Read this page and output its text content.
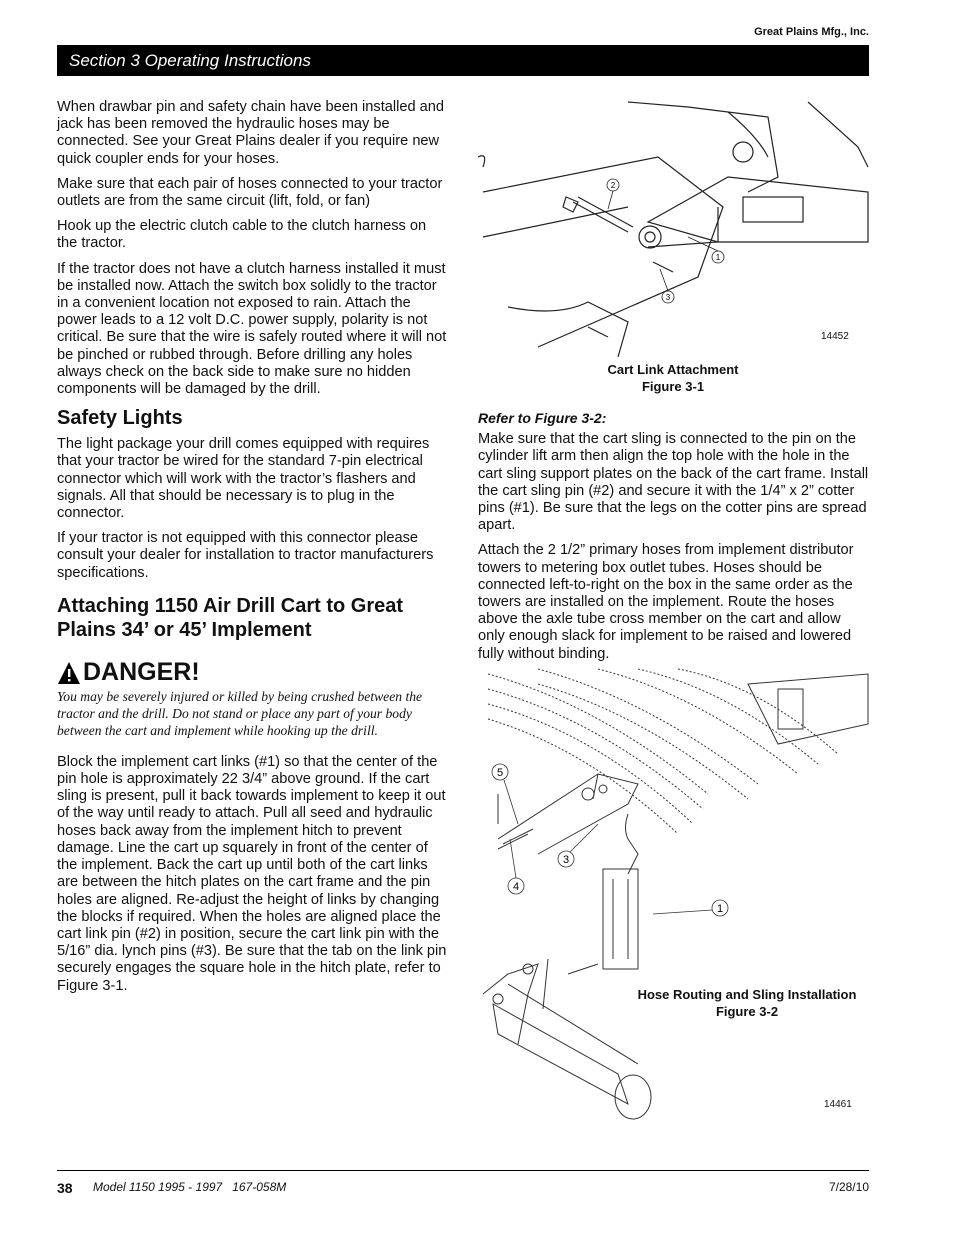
Great Plains Mfg., Inc.
Section 3 Operating Instructions

When drawbar pin and safety chain have been installed and jack has been removed the hydraulic hoses may be connected. See your Great Plains dealer if you require new quick coupler ends for your hoses.

Make sure that each pair of hoses connected to your tractor outlets are from the same circuit (lift, fold, or fan)

Hook up the electric clutch cable to the clutch harness on the tractor.

If the tractor does not have a clutch harness installed it must be installed now. Attach the switch box solidly to the tractor in a convenient location not exposed to rain. Attach the power leads to a 12 volt D.C. power supply, polarity is not critical. Be sure that the wire is safely routed where it will not be pinched or rubbed through. Before drilling any holes always check on the back side to make sure no hidden components will be damaged by the drill.

Safety Lights

The light package your drill comes equipped with requires that your tractor be wired for the standard 7-pin electrical connector which will work with the tractor’s flashers and signals. All that should be necessary is to plug in the connector.

If your tractor is not equipped with this connector please consult your dealer for installation to tractor manufacturers specifications.

Attaching 1150 Air Drill Cart to Great Plains 34’ or 45’ Implement
DANGER!

You may be severely injured or killed by being crushed between the tractor and the drill. Do not stand or place any part of your body between the cart and implement while hooking up the drill.

Block the implement cart links (#1) so that the center of the pin hole is approximately 22 3/4” above ground. If the cart sling is present, pull it back towards implement to keep it out of the way until ready to attach. Pull all seed and hydraulic hoses back away from the implement hitch to prevent damage. Line the cart up squarely in front of the center of the implement. Back the cart up until both of the cart links are between the hitch plates on the cart frame and the pin holes are aligned. Re-adjust the height of links by changing the blocks if required. When the holes are aligned place the cart link pin (#2) in position, secure the cart link pin with the 5/16” dia. lynch pins (#3). Be sure that the tab on the link pin securely engages the square hole in the hitch plate, refer to Figure 3-1.

2
1
3
14452
Cart Link Attachment
Figure 3-1

Refer to Figure 3-2:

Make sure that the cart sling is connected to the pin on the cylinder lift arm then align the top hole with the hole in the cart sling support plates on the back of the cart frame. Install the cart sling pin (#2) and secure it with the 1/4” x 2” cotter pins (#1). Be sure that the legs on the cotter pins are spread apart.

Attach the 2 1/2” primary hoses from implement distributor towers to metering box outlet tubes. Hoses should be connected left-to-right on the box in the same order as the towers are installed on the implement. Route the hoses above the axle tube cross member on the cart and allow only enough slack for implement to be raised and lowered fully without binding.

5
3
4
1
Hose Routing and Sling Installation
Figure 3-2
14461
38 Model 1150 1995 - 1997   167-058M	7/28/10
